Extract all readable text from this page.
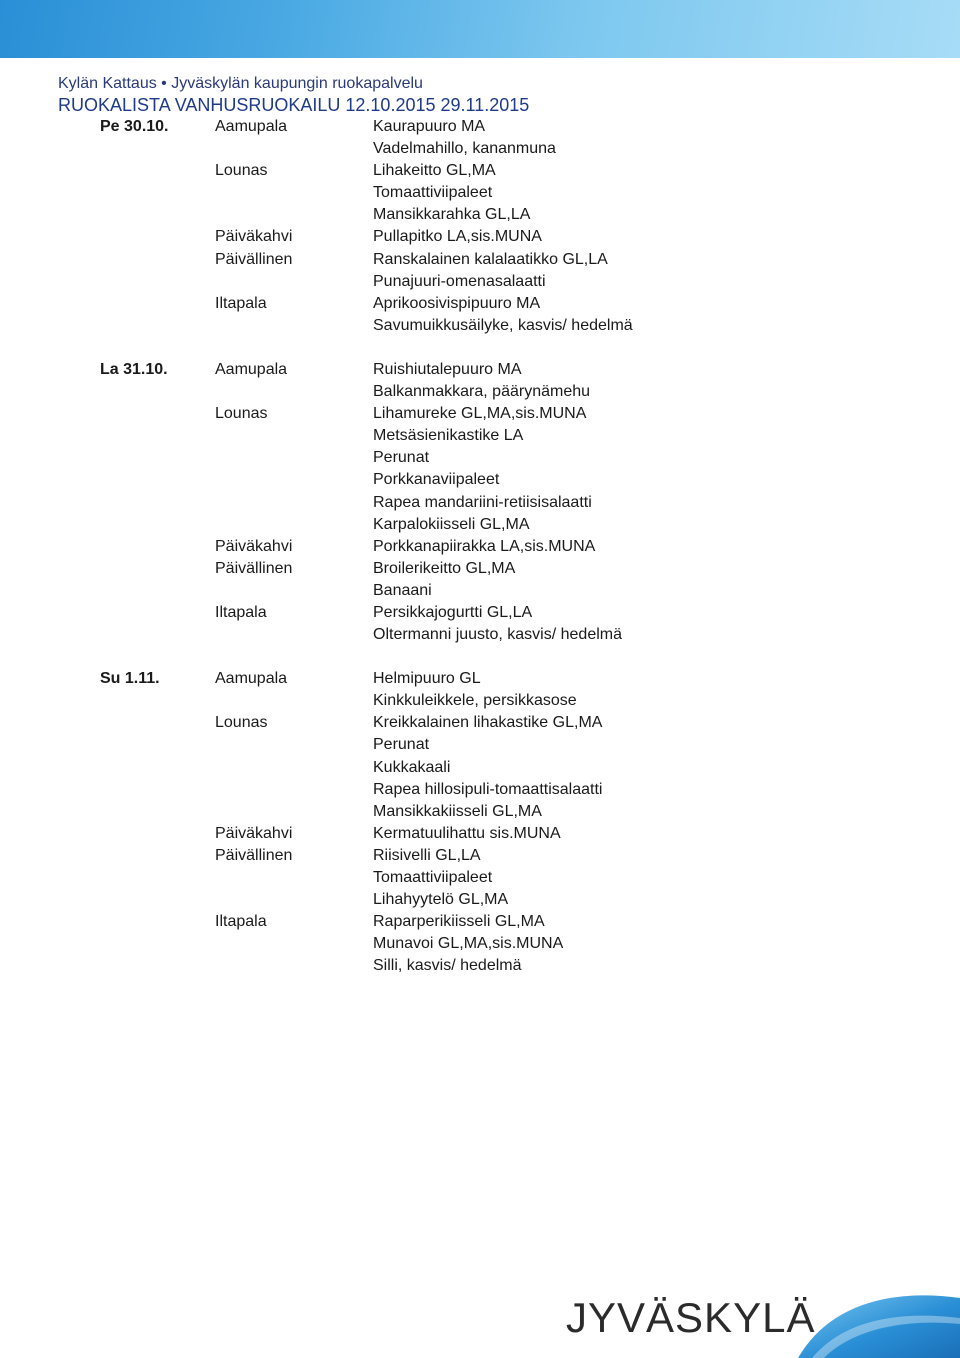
Kylän Kattaus • Jyväskylän kaupungin ruokapalvelu
RUOKALISTA VANHUSRUOKAILU 12.10.2015 29.11.2015
Pe 30.10.	Aamupala	Kaurapuuro MA
Vadelmahillo, kananmuna
Lounas	Lihakeitto GL,MA
Tomaattiviipaleet
Mansikkarahka GL,LA
Päiväkahvi	Pullapitko LA,sis.MUNA
Päivällinen	Ranskalainen kalalaatikko GL,LA
Punajuuri-omenasalaatti
Iltapala	Aprikoosivispipuuro MA
Savumuikkusäilyke, kasvis/ hedelmä
La 31.10.	Aamupala	Ruishiutalepuuro MA
Balkanmakkara, päärynämehu
Lounas	Lihamureke GL,MA,sis.MUNA
Metsäsienikastike LA
Perunat
Porkkanaviipaleet
Rapea mandariini-retiisisalaatti
Karpalokiisseli GL,MA
Päiväkahvi	Porkkanapiirakka LA,sis.MUNA
Päivällinen	Broilerikeitto GL,MA
Banaani
Iltapala	Persikkajogurtti GL,LA
Oltermanni juusto, kasvis/ hedelmä
Su 1.11.	Aamupala	Helmipuuro GL
Kinkkuleikkele, persikkasose
Lounas	Kreikkalainen lihakastike GL,MA
Perunat
Kukkakaali
Rapea hillosipuli-tomaattisalaatti
Mansikkakiisseli GL,MA
Päiväkahvi	Kermatuulihattu sis.MUNA
Päivällinen	Riisivelli GL,LA
Tomaattiviipaleet
Lihahyytelö GL,MA
Iltapala	Raparperikiisseli GL,MA
Munavoi GL,MA,sis.MUNA
Silli, kasvis/ hedelmä
JYVÄSKYLÄ
